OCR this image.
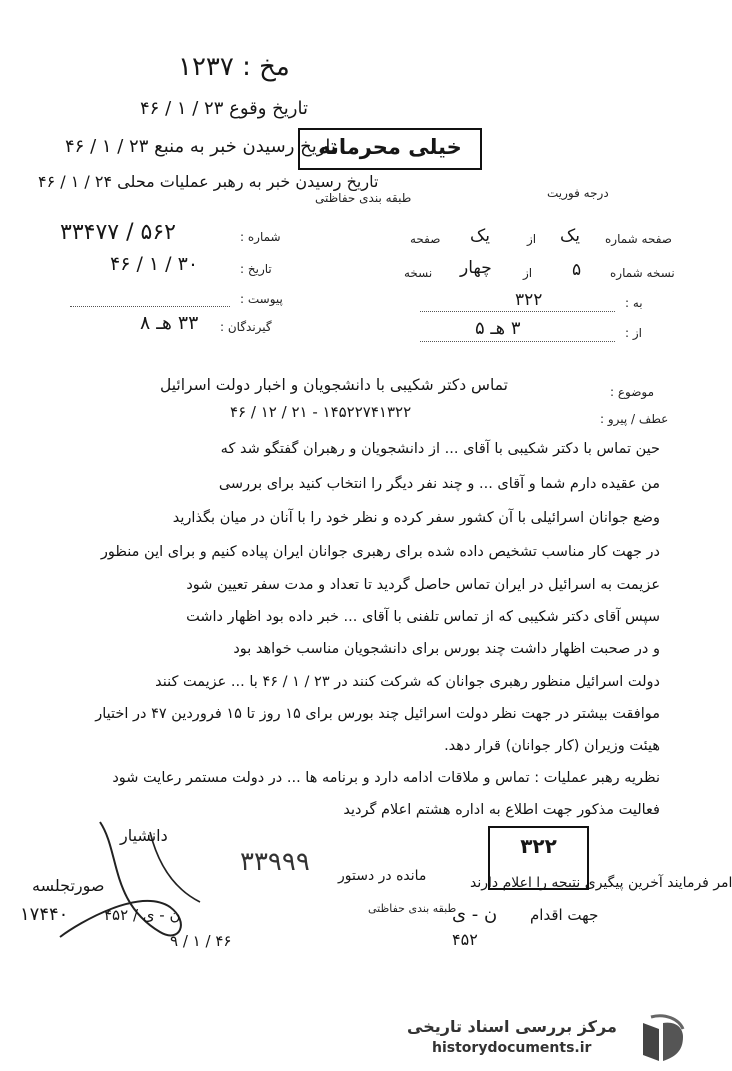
مخ : ۱۲۳۷
تاریخ وقوع ۲۳ / ۱ / ۴۶
تاریخ رسیدن خبر به منبع ۲۳ / ۱ / ۴۶
خیلی محرمانه
تاریخ رسیدن خبر به رهبر عملیات محلی ۲۴ / ۱ / ۴۶
طبقه بندی حفاظتی	درجه فوریت
صفحه شماره
یک
از
یک
صفحه
نسخه شماره
۵
از
چهار
نسخه
به :
۳۲۲
از :
۳ هـ ۵
شماره :
۵۶۲ / ۳۳۴۷۷
تاریخ :
۳۰ / ۱ / ۴۶
پیوست :
گیرندگان :
۳۳ هـ ۸
موضوع :
تماس دکتر شکیبی با دانشجویان و اخبار دولت اسرائیل
عطف / پیرو :
۱۴۵۲۲۷۴۱۳۲۲ - ۲۱ / ۱۲ / ۴۶
حین تماس با دکتر شکیبی با آقای ... از دانشجویان و رهبران گفتگو شد که
من عقیده دارم شما و آقای ... و چند نفر دیگر را انتخاب کنید برای بررسی
وضع جوانان اسرائیلی با آن کشور سفر کرده و نظر خود را با آنان در میان بگذارید
در جهت کار مناسب تشخیص داده شده برای رهبری جوانان ایران پیاده کنیم و برای این منظور
عزیمت به اسرائیل در ایران تماس حاصل گردید تا تعداد و مدت سفر تعیین شود
سپس آقای دکتر شکیبی که از تماس تلفنی با آقای ... خبر داده بود اظهار داشت
و در صحبت اظهار داشت چند بورس برای دانشجویان مناسب خواهد بود
دولت اسرائیل منظور رهبری جوانان که شرکت کنند در ۲۳ / ۱ / ۴۶ با ... عزیمت کنند
موافقت بیشتر در جهت نظر دولت اسرائیل چند بورس برای ۱۵ روز تا ۱۵ فروردین ۴۷ در اختیار
هیئت وزیران (کار جوانان) قرار دهد.
نظریه رهبر عملیات : تماس و ملاقات ادامه دارد و برنامه ها ... در دولت مستمر رعایت شود
فعالیت مذکور جهت اطلاع به اداره هشتم اعلام گردید
دانشیار	۳۲۲
۳۳۹۹۹ مانده در دستور
طبقه بندی حفاظتی
امر فرمایند آخرین پیگیری نتیجه را اعلام دارند
صورتجلسه
۱۷۴۴۰ ن - ی / ۴۵۲
۴۶ / ۱ / ۹
ن - ی
۴۵۲
جهت اقدام
مرکز بررسی اسناد تاریخی
historydocuments.ir
